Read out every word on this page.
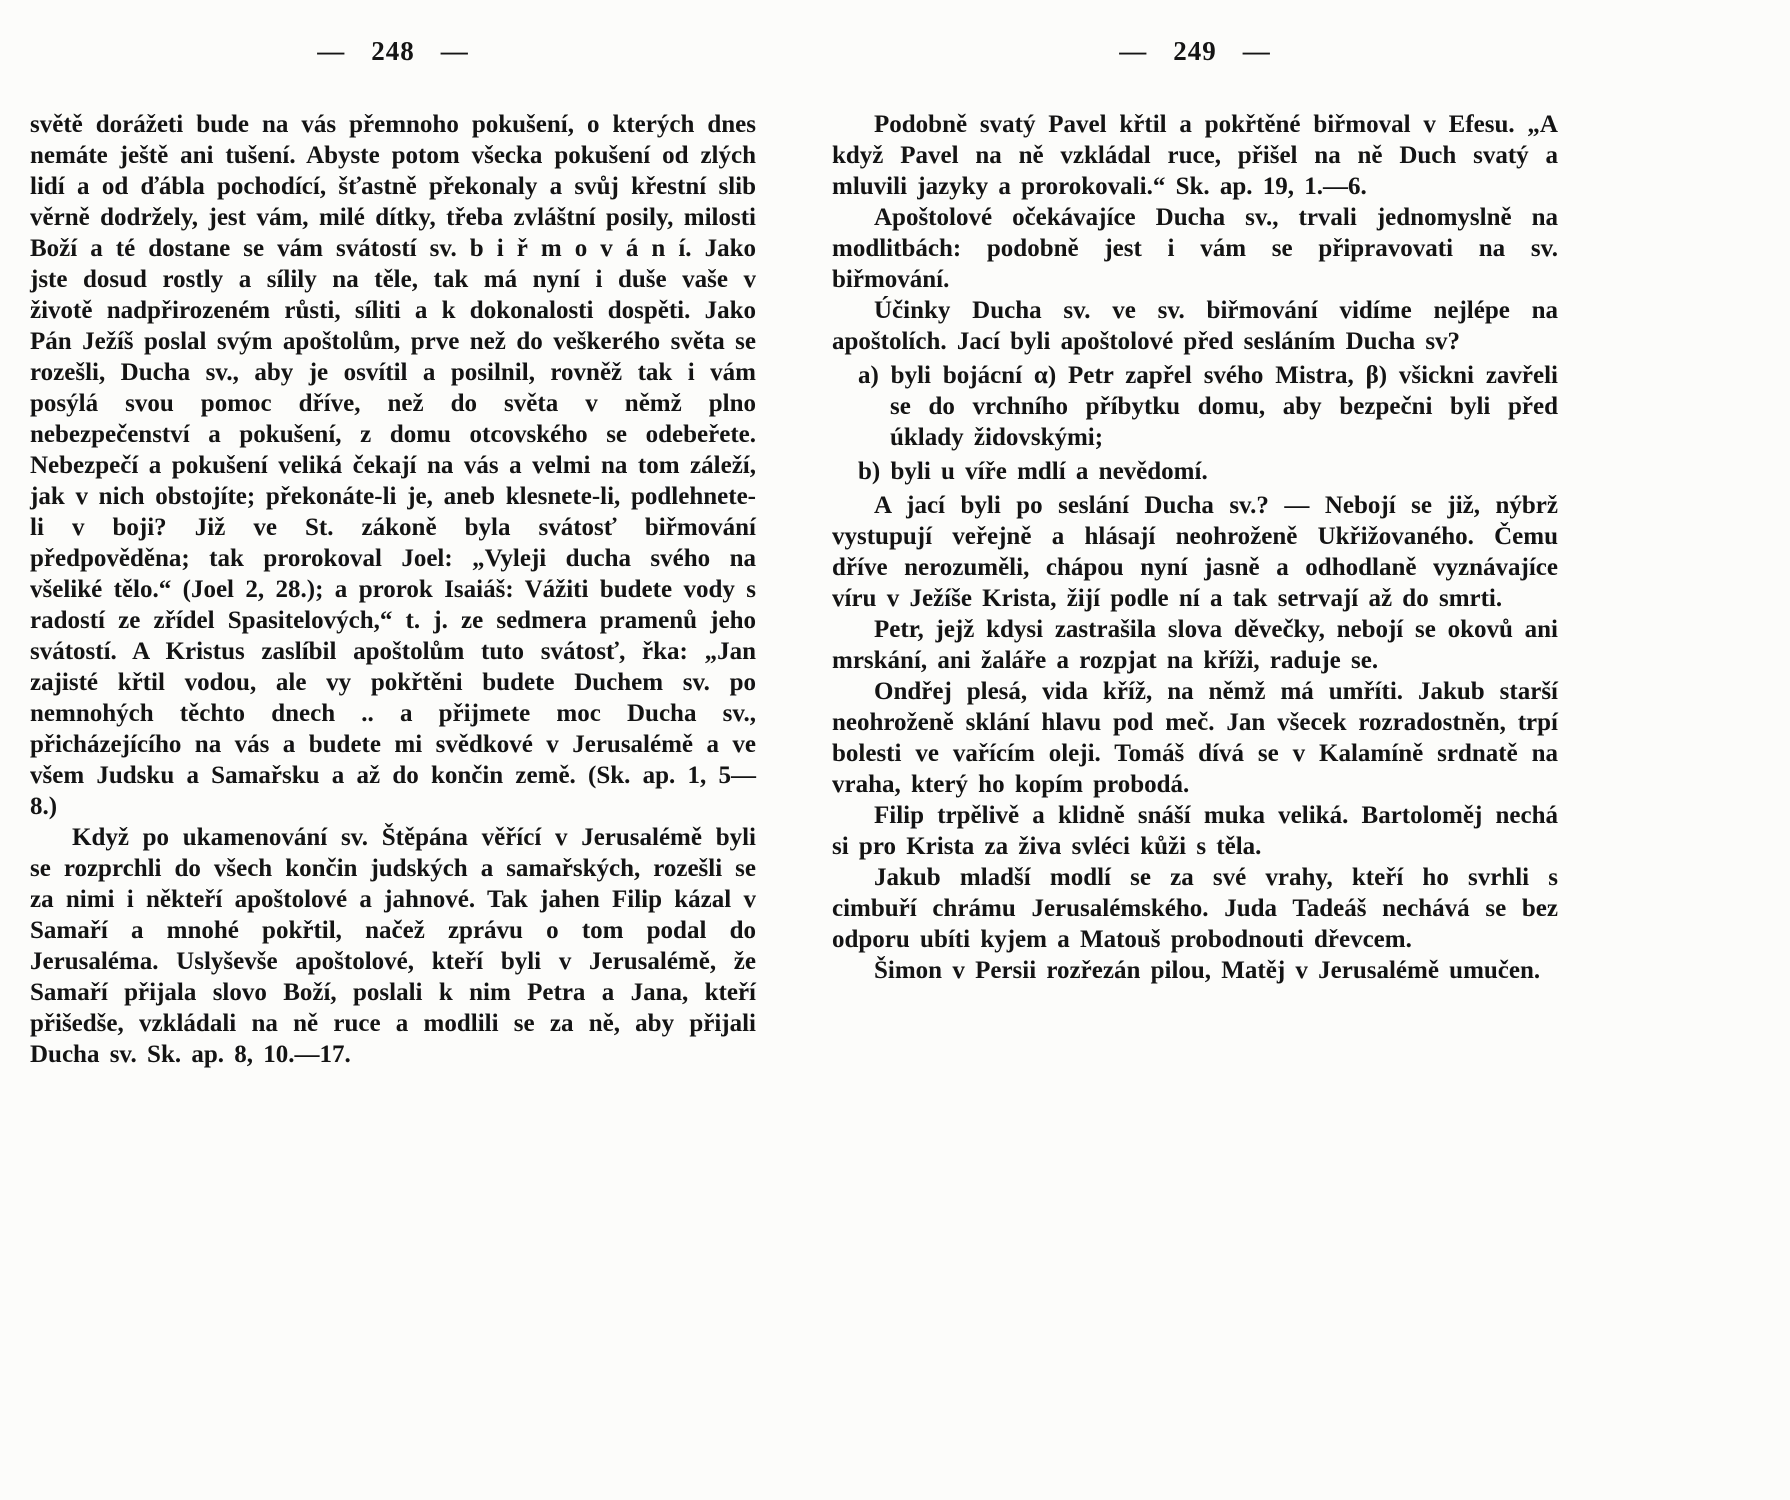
— 248 —

světě dorážeti bude na vás přemnoho pokušení, o kterých dnes nemáte ještě ani tušení. Abyste potom všecka pokušení od zlých lidí a od ďábla pochodící, šťastně překonaly a svůj křestní slib věrně dodržely, jest vám, milé dítky, třeba zvláštní posily, milosti Boží a té dostane se vám svátostí sv. b i ř m o v á n í. Jako jste dosud rostly a sílily na těle, tak má nyní i duše vaše v životě nadpřirozeném růsti, síliti a k dokonalosti dospěti. Jako Pán Ježíš poslal svým apoštolům, prve než do veškerého světa se rozešli, Ducha sv., aby je osvítil a posilnil, rovněž tak i vám posýlá svou pomoc dříve, než do světa v němž plno nebezpečenství a pokušení, z domu otcovského se odebeřete. Nebezpečí a pokušení veliká čekají na vás a velmi na tom záleží, jak v nich obstojíte; překonáte-li je, aneb klesnete-li, podlehnete-li v boji? Již ve St. zákoně byla svátosť biřmování předpověděna; tak prorokoval Joel: „Vyleji ducha svého na všeliké tělo.“ (Joel 2, 28.); a prorok Isaiáš: Vážiti budete vody s radostí ze zřídel Spasitelových,“ t. j. ze sedmera pramenů jeho svátostí. A Kristus zaslíbil apoštolům tuto svátosť, řka: „Jan zajisté křtil vodou, ale vy pokřtěni budete Duchem sv. po nemnohých těchto dnech .. a přijmete moc Ducha sv., přicházejícího na vás a budete mi svědkové v Jerusalémě a ve všem Judsku a Samařsku a až do končin země. (Sk. ap. 1, 5—8.)

Když po ukamenování sv. Štěpána věřící v Jerusalémě byli se rozprchli do všech končin judských a samařských, rozešli se za nimi i někteří apoštolové a jahnové. Tak jahen Filip kázal v Samaří a mnohé pokřtil, načež zprávu o tom podal do Jerusaléma. Uslyševše apoštolové, kteří byli v Jerusalémě, že Samaří přijala slovo Boží, poslali k nim Petra a Jana, kteří přišedše, vzkládali na ně ruce a modlili se za ně, aby přijali Ducha sv. Sk. ap. 8, 10.—17.

— 249 —

Podobně svatý Pavel křtil a pokřtěné biřmoval v Efesu. „A když Pavel na ně vzkládal ruce, přišel na ně Duch svatý a mluvili jazyky a prorokovali.“ Sk. ap. 19, 1.—6.

Apoštolové očekávajíce Ducha sv., trvali jednomyslně na modlitbách: podobně jest i vám se připravovati na sv. biřmování.

Účinky Ducha sv. ve sv. biřmování vidíme nejlépe na apoštolích. Jací byli apoštolové před sesláním Ducha sv?

a) byli bojácní α) Petr zapřel svého Mistra, β) všickni zavřeli se do vrchního příbytku domu, aby bezpečni byli před úklady židovskými;

b) byli u víře mdlí a nevědomí.

A jací byli po seslání Ducha sv.? — Nebojí se již, nýbrž vystupují veřejně a hlásají neohroženě Ukřižovaného. Čemu dříve nerozuměli, chápou nyní jasně a odhodlaně vyznávajíce víru v Ježíše Krista, žijí podle ní a tak setrvají až do smrti.

Petr, jejž kdysi zastrašila slova děvečky, nebojí se okovů ani mrskání, ani žaláře a rozpjat na kříži, raduje se.

Ondřej plesá, vida kříž, na němž má umříti. Jakub starší neohroženě sklání hlavu pod meč. Jan všecek rozradostněn, trpí bolesti ve vařícím oleji. Tomáš dívá se v Kalamíně srdnatě na vraha, který ho kopím probodá.

Filip trpělivě a klidně snáší muka veliká. Bartoloměj nechá si pro Krista za živa svléci kůži s těla.

Jakub mladší modlí se za své vrahy, kteří ho svrhli s cimbuří chrámu Jerusalémského. Juda Tadeáš nechává se bez odporu ubíti kyjem a Matouš probodnouti dřevcem.

Šimon v Persii rozřezán pilou, Matěj v Jerusalémě umučen.
